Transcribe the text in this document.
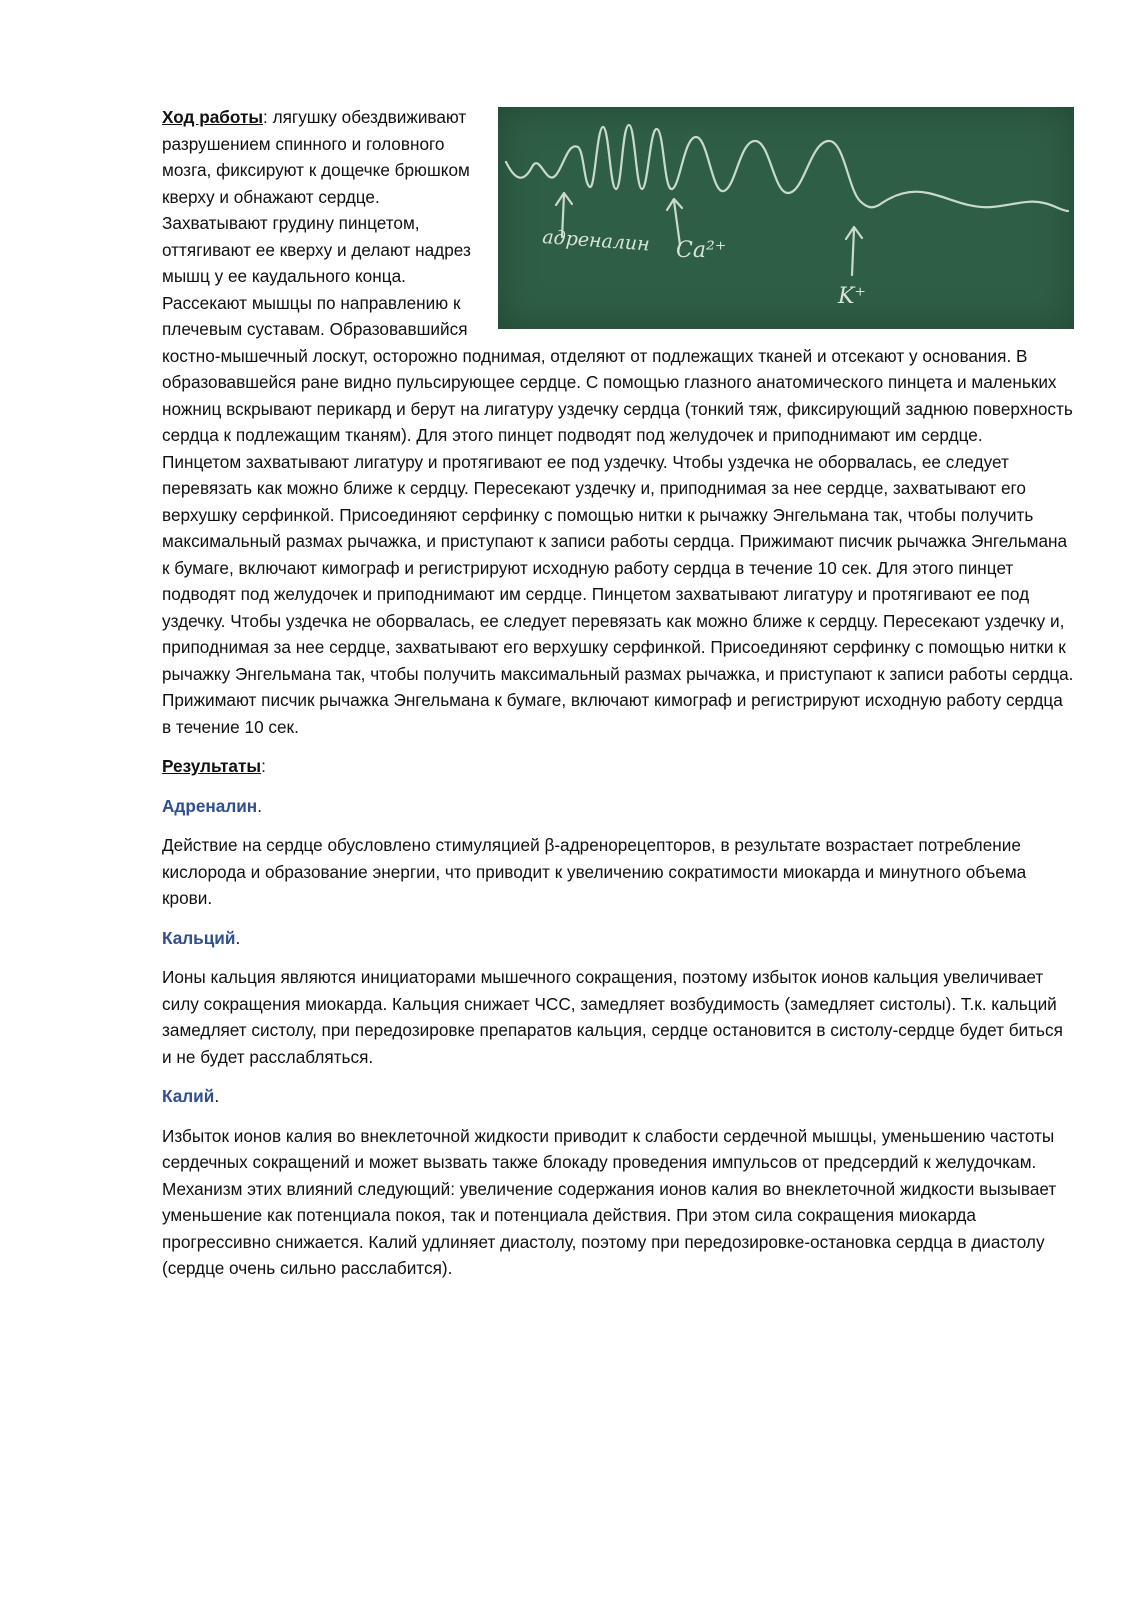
адреналин Ca²⁺
K⁺

Ход работы: лягушку обездвиживают разрушением спинного и головного мозга, фиксируют к дощечке брюшком кверху и обнажают сердце. Захватывают грудину пинцетом, оттягивают ее кверху и делают надрез мышц у ее каудального конца. Рассекают мышцы по направлению к плечевым суставам. Образовавшийся костно-мышечный лоскут, осторожно поднимая, отделяют от подлежащих тканей и отсекают у основания. В образовавшейся ране видно пульсирующее сердце. С помощью глазного анатомического пинцета и маленьких ножниц вскрывают перикард и берут на лигатуру уздечку сердца (тонкий тяж, фиксирующий заднюю поверхность сердца к подлежащим тканям). Для этого пинцет подводят под желудочек и приподнимают им сердце.

Пинцетом захватывают лигатуру и протягивают ее под уздечку. Чтобы уздечка не оборвалась, ее следует перевязать как можно ближе к сердцу. Пересекают уздечку и, приподнимая за нее сердце, захватывают его верхушку серфинкой. Присоединяют серфинку с помощью нитки к рычажку Энгельмана так, чтобы получить максимальный размах рычажка, и приступают к записи работы сердца. Прижимают писчик рычажка Энгельмана к бумаге, включают кимограф и регистрируют исходную работу сердца в течение 10 сек. Для этого пинцет подводят под желудочек и приподнимают им сердце. Пинцетом захватывают лигатуру и протягивают ее под уздечку. Чтобы уздечка не оборвалась, ее следует перевязать как можно ближе к сердцу. Пересекают уздечку и, приподнимая за нее сердце, захватывают его верхушку серфинкой. Присоединяют серфинку с помощью нитки к рычажку Энгельмана так, чтобы получить максимальный размах рычажка, и приступают к записи работы сердца. Прижимают писчик рычажка Энгельмана к бумаге, включают кимограф и регистрируют исходную работу сердца в течение 10 сек.

Результаты:

Адреналин.

Действие на сердце обусловлено стимуляцией β-адренорецепторов, в результате возрастает потребление кислорода и образование энергии, что приводит к увеличению сократимости миокарда и минутного объема крови.

Кальций.

Ионы кальция являются инициаторами мышечного сокращения, поэтому избыток ионов кальция увеличивает силу сокращения миокарда. Кальция снижает ЧСС, замедляет возбудимость (замедляет систолы). Т.к. кальций замедляет систолу, при передозировке препаратов кальция, сердце остановится в систолу-сердце будет биться и не будет расслабляться.

Калий.

Избыток ионов калия во внеклеточной жидкости приводит к слабости сердечной мышцы, уменьшению частоты сердечных сокращений и может вызвать также блокаду проведения импульсов от предсердий к желудочкам. Механизм этих влияний следующий: увеличение содержания ионов калия во внеклеточной жидкости вызывает уменьшение как потенциала покоя, так и потенциала действия. При этом сила сокращения миокарда прогрессивно снижается. Калий удлиняет диастолу, поэтому при передозировке-остановка сердца в диастолу (сердце очень сильно расслабится).
